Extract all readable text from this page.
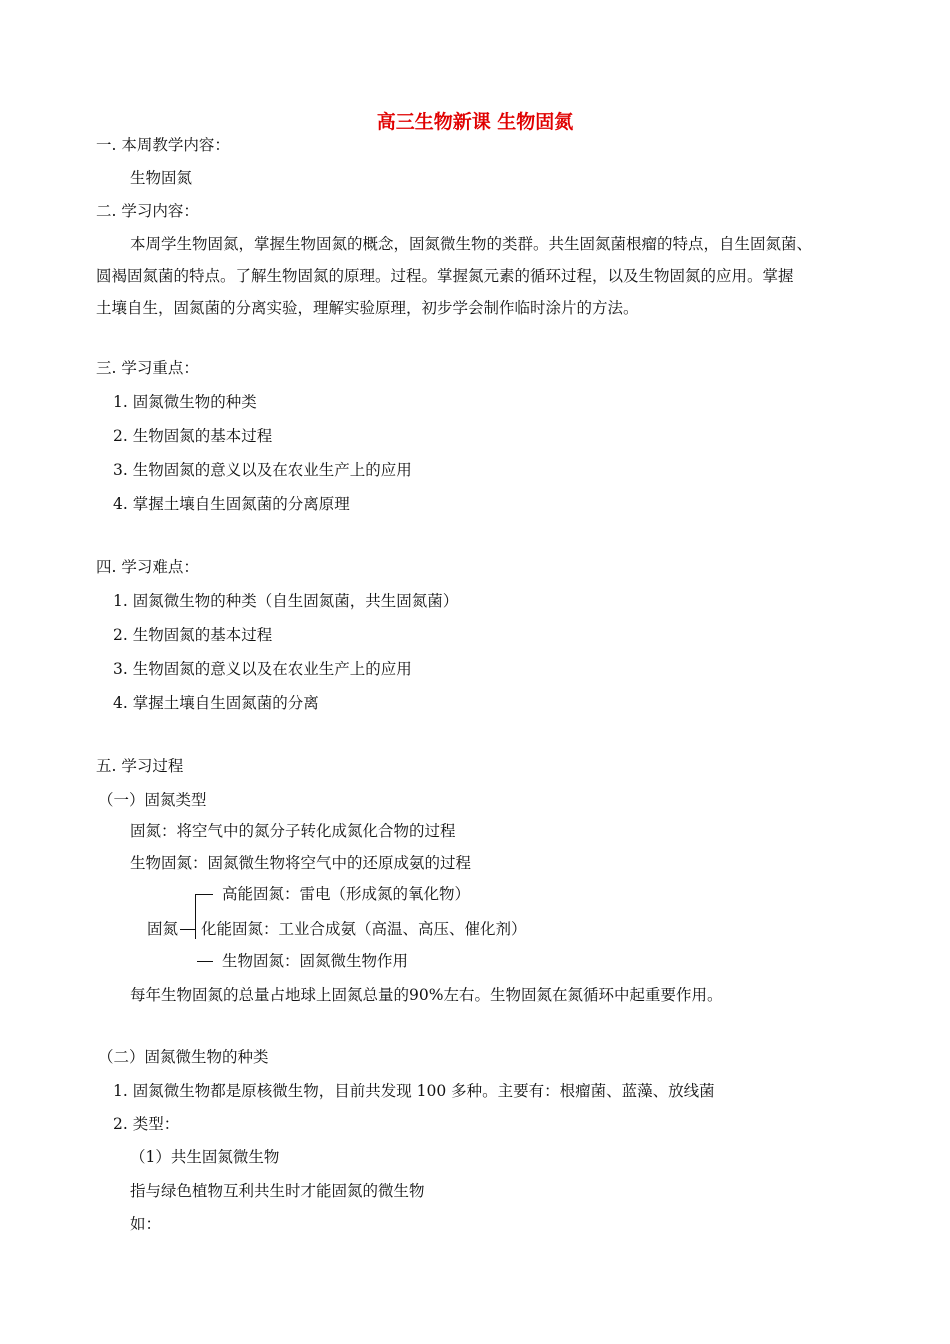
高三生物新课 生物固氮
一. 本周教学内容：
生物固氮
二. 学习内容：
本周学生物固氮，掌握生物固氮的概念，固氮微生物的类群。共生固氮菌根瘤的特点，自生固氮菌、
圆褐固氮菌的特点。了解生物固氮的原理。过程。掌握氮元素的循环过程，以及生物固氮的应用。掌握
土壤自生，固氮菌的分离实验，理解实验原理，初步学会制作临时涂片的方法。
三. 学习重点：
1. 固氮微生物的种类
2. 生物固氮的基本过程
3. 生物固氮的意义以及在农业生产上的应用
4. 掌握土壤自生固氮菌的分离原理
四. 学习难点：
1. 固氮微生物的种类（自生固氮菌，共生固氮菌）
2. 生物固氮的基本过程
3. 生物固氮的意义以及在农业生产上的应用
4. 掌握土壤自生固氮菌的分离
五. 学习过程
（一）固氮类型
固氮：将空气中的氮分子转化成氮化合物的过程
生物固氮：固氮微生物将空气中的还原成氨的过程
高能固氮：雷电（形成氮的氧化物）
固氮 化能固氮：工业合成氨（高温、高压、催化剂）
生物固氮：固氮微生物作用
每年生物固氮的总量占地球上固氮总量的90%左右。生物固氮在氮循环中起重要作用。
（二）固氮微生物的种类
1. 固氮微生物都是原核微生物，目前共发现 100 多种。主要有：根瘤菌、蓝藻、放线菌
2. 类型：
（1）共生固氮微生物
指与绿色植物互利共生时才能固氮的微生物
如：
